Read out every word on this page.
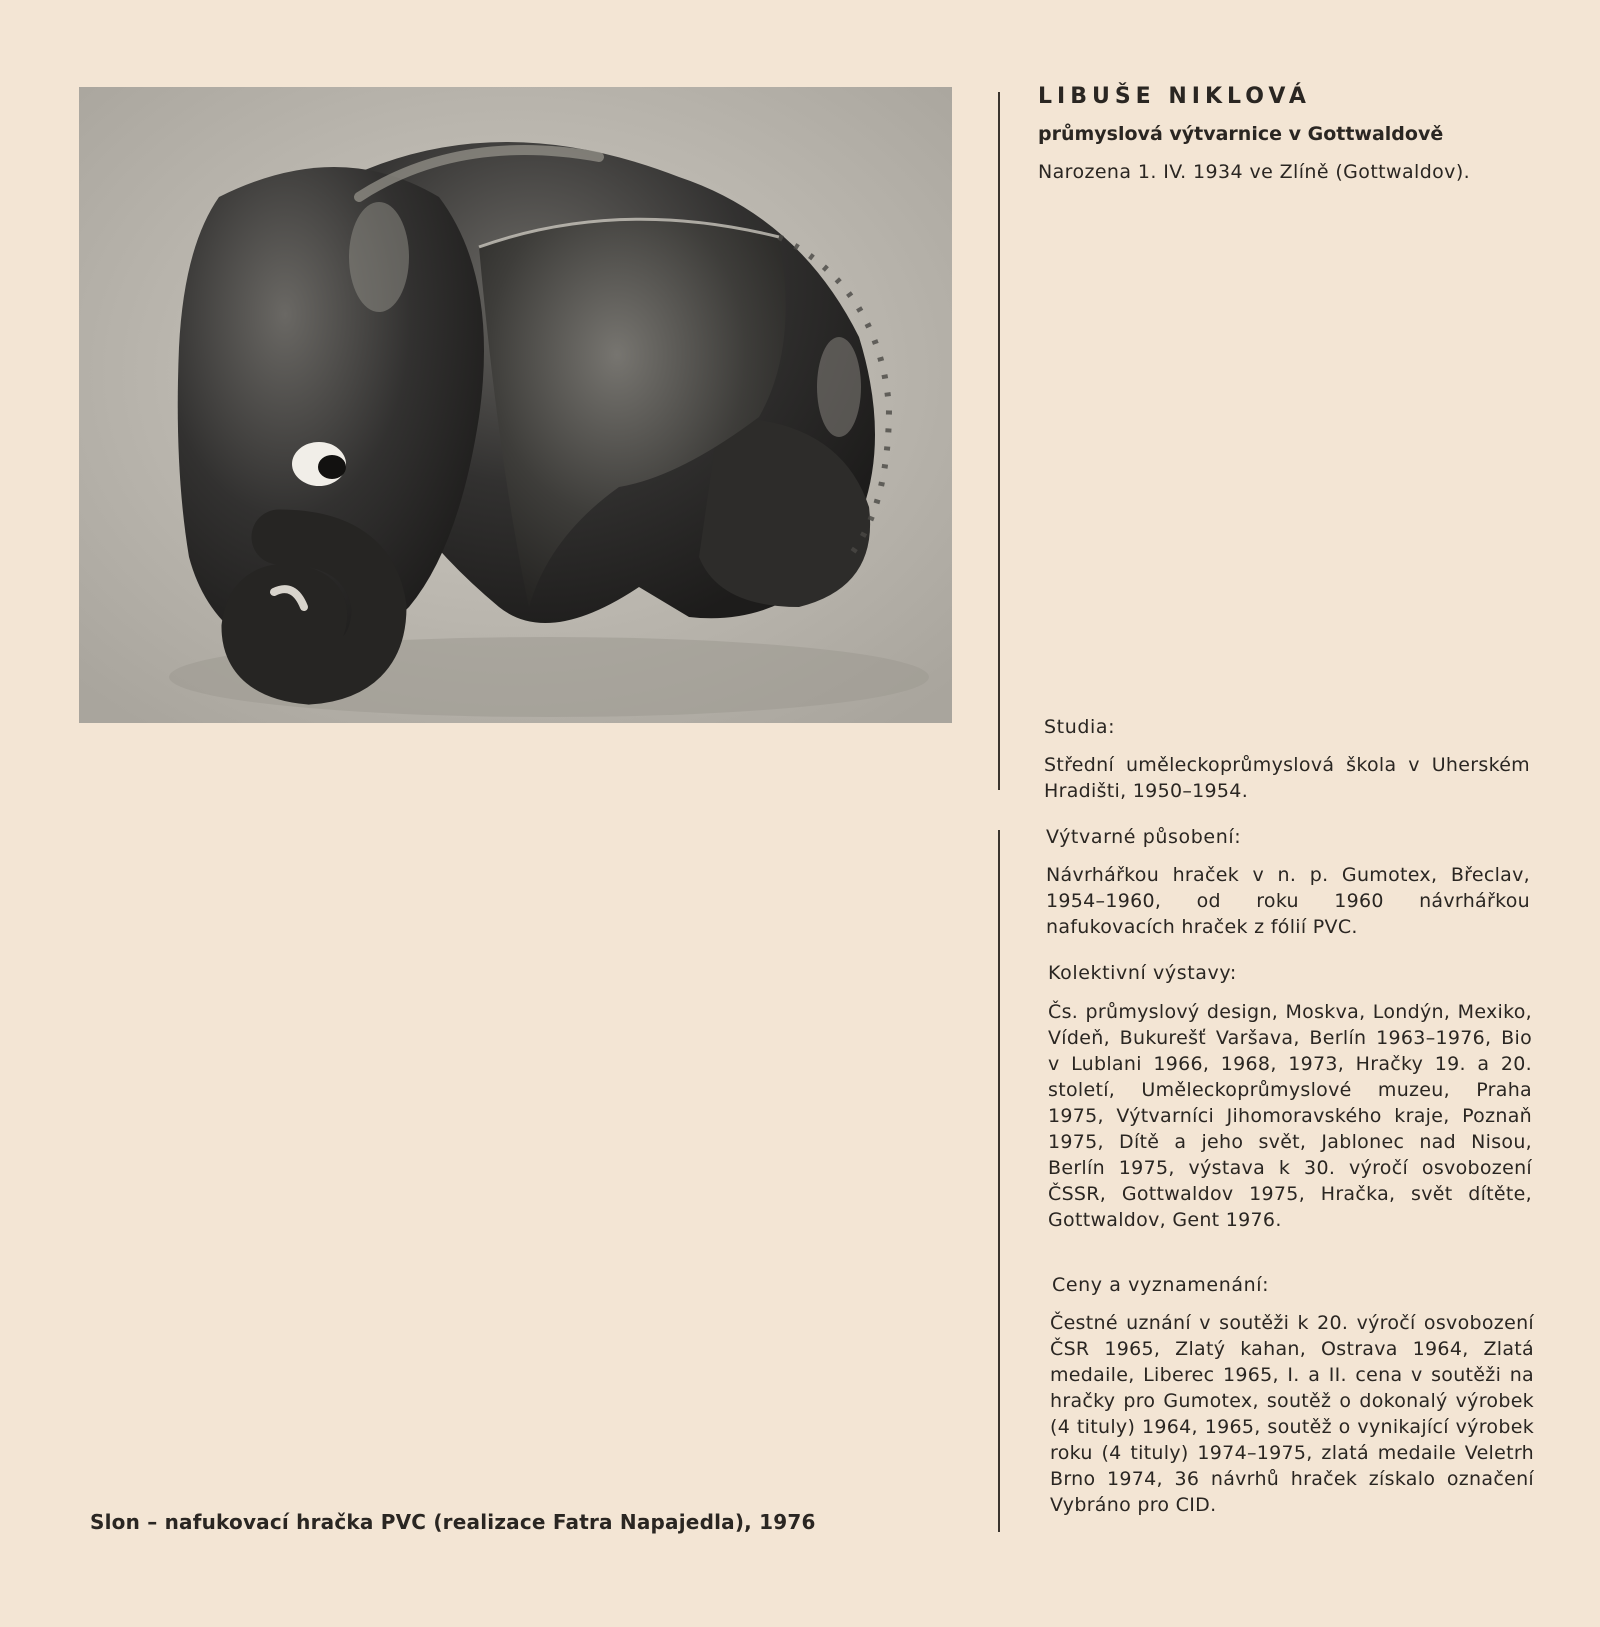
Slon – nafukovací hračka PVC (realizace Fatra Napajedla), 1976
LIBUŠE NIKLOVÁ
průmyslová výtvarnice v Gottwaldově
Narozena 1. IV. 1934 ve Zlíně (Gottwaldov).
Studia:
Střední uměleckoprůmyslová škola v Uherském Hradišti, 1950–1954.
Výtvarné působení:
Návrhářkou hraček v n. p. Gumotex, Břeclav, 1954–1960, od roku 1960 návrhářkou nafukovacích hraček z fólií PVC.
Kolektivní výstavy:
Čs. průmyslový design, Moskva, Londýn, Mexiko, Vídeň, Bukurešť Varšava, Berlín 1963–1976, Bio v Lublani 1966, 1968, 1973, Hračky 19. a 20. století, Uměleckoprůmyslové muzeu, Praha 1975, Výtvarníci Jihomoravského kraje, Poznaň 1975, Dítě a jeho svět, Jablonec nad Nisou, Berlín 1975, výstava k 30. výročí osvobození ČSSR, Gottwaldov 1975, Hračka, svět dítěte, Gottwaldov, Gent 1976.
Ceny a vyznamenání:
Čestné uznání v soutěži k 20. výročí osvobození ČSR 1965, Zlatý kahan, Ostrava 1964, Zlatá medaile, Liberec 1965, I. a II. cena v soutěži na hračky pro Gumotex, soutěž o dokonalý výrobek (4 tituly) 1964, 1965, soutěž o vynikající výrobek roku (4 tituly) 1974–1975, zlatá medaile Veletrh Brno 1974, 36 návrhů hraček získalo označení Vybráno pro CID.
